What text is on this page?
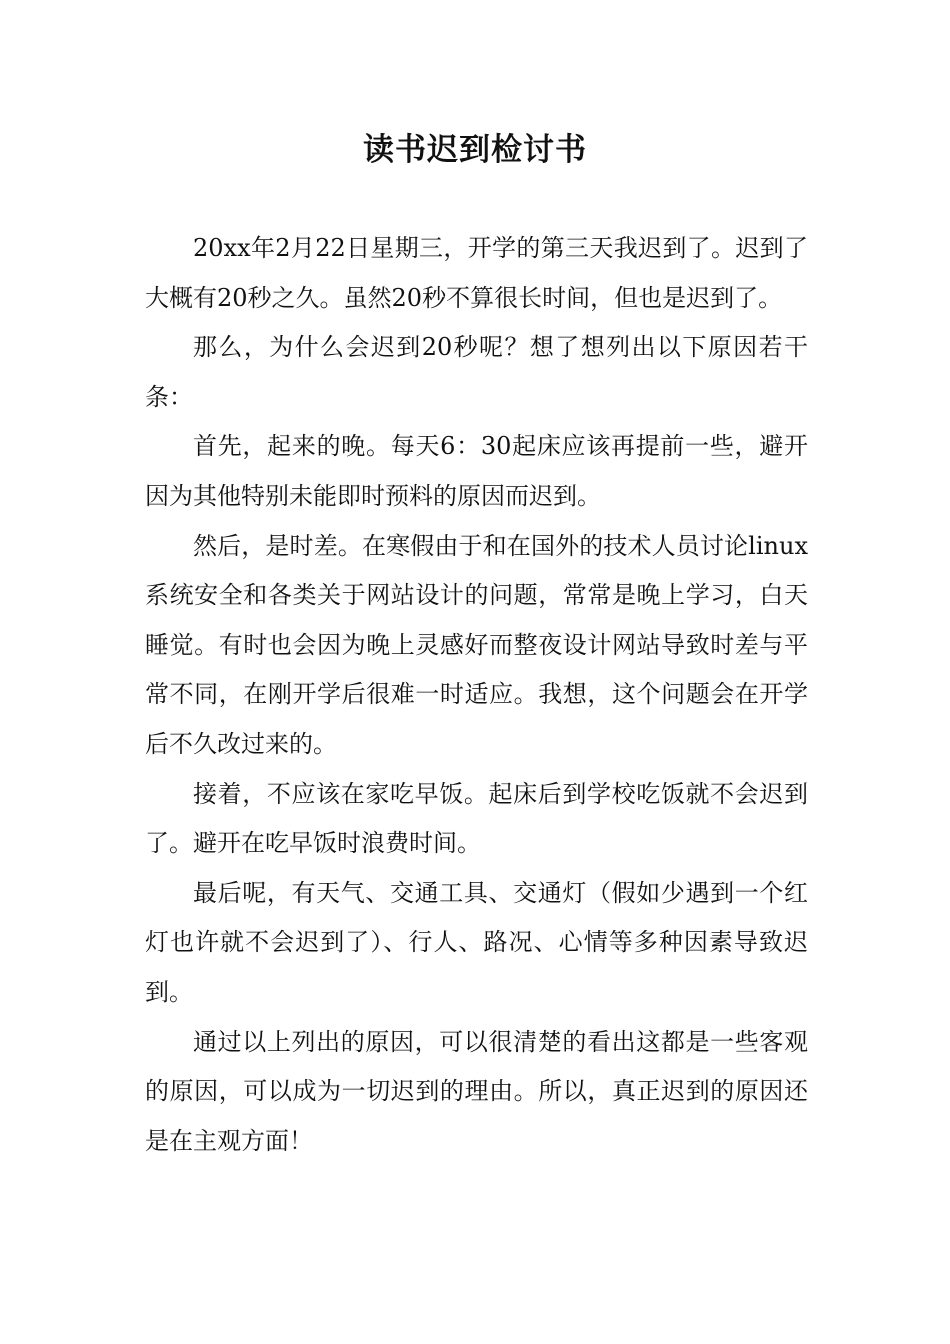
读书迟到检讨书

20xx年2月22日星期三，开学的第三天我迟到了。迟到了大概有20秒之久。虽然20秒不算很长时间，但也是迟到了。

那么，为什么会迟到20秒呢？想了想列出以下原因若干条：

首先，起来的晚。每天6：30起床应该再提前一些，避开因为其他特别未能即时预料的原因而迟到。

然后，是时差。在寒假由于和在国外的技术人员讨论linux系统安全和各类关于网站设计的问题，常常是晚上学习，白天睡觉。有时也会因为晚上灵感好而整夜设计网站导致时差与平常不同，在刚开学后很难一时适应。我想，这个问题会在开学后不久改过来的。

接着，不应该在家吃早饭。起床后到学校吃饭就不会迟到了。避开在吃早饭时浪费时间。

最后呢，有天气、交通工具、交通灯（假如少遇到一个红灯也许就不会迟到了）、行人、路况、心情等多种因素导致迟到。

通过以上列出的原因，可以很清楚的看出这都是一些客观的原因，可以成为一切迟到的理由。所以，真正迟到的原因还是在主观方面！
